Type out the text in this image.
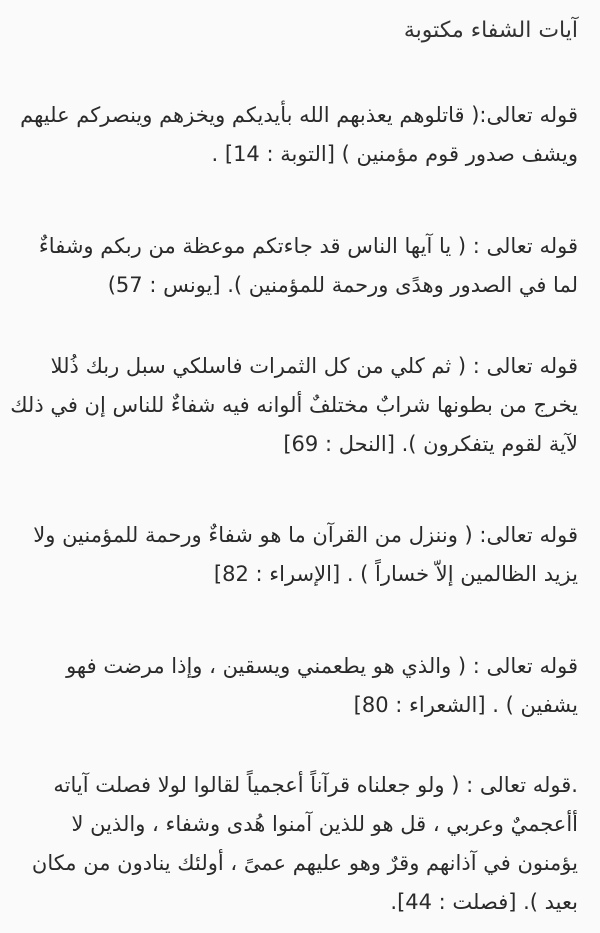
آيات الشفاء مكتوبة

قوله تعالى:( قاتلوهم يعذبهم الله بأيديكم ويخزهم وينصركم عليهم ويشف صدور قوم مؤمنين ) [التوبة : 14] .

قوله تعالى : ( يا آيها الناس قد جاءتكم موعظة من ربكم وشفاءٌ لما في الصدور وهدًى ورحمة للمؤمنين ). [يونس : 57)

قوله تعالى : ( ثم كلي من كل الثمرات فاسلكي سبل ربك ذُللا يخرج من بطونها شرابٌ مختلفٌ ألوانه فيه شفاءٌ للناس إن في ذلك لآية لقوم يتفكرون ). [النحل : 69]

قوله تعالى: ( وننزل من القرآن ما هو شفاءٌ ورحمة للمؤمنين ولا يزيد الظالمين إلاّ خساراً ) . [الإسراء : 82]

قوله تعالى : ( والذي هو يطعمني ويسقين ، وإذا مرضت فهو يشفين ) . [الشعراء : 80]

.قوله تعالى : ( ولو جعلناه قرآناً أعجمياً لقالوا لولا فصلت آياته أأعجميٌ وعربي ، قل هو للذين آمنوا هُدى وشفاء ، والذين لا يؤمنون في آذانهم وقرٌ وهو عليهم عمىً ، أولئك ينادون من مكان بعيد ). [فصلت : 44].
